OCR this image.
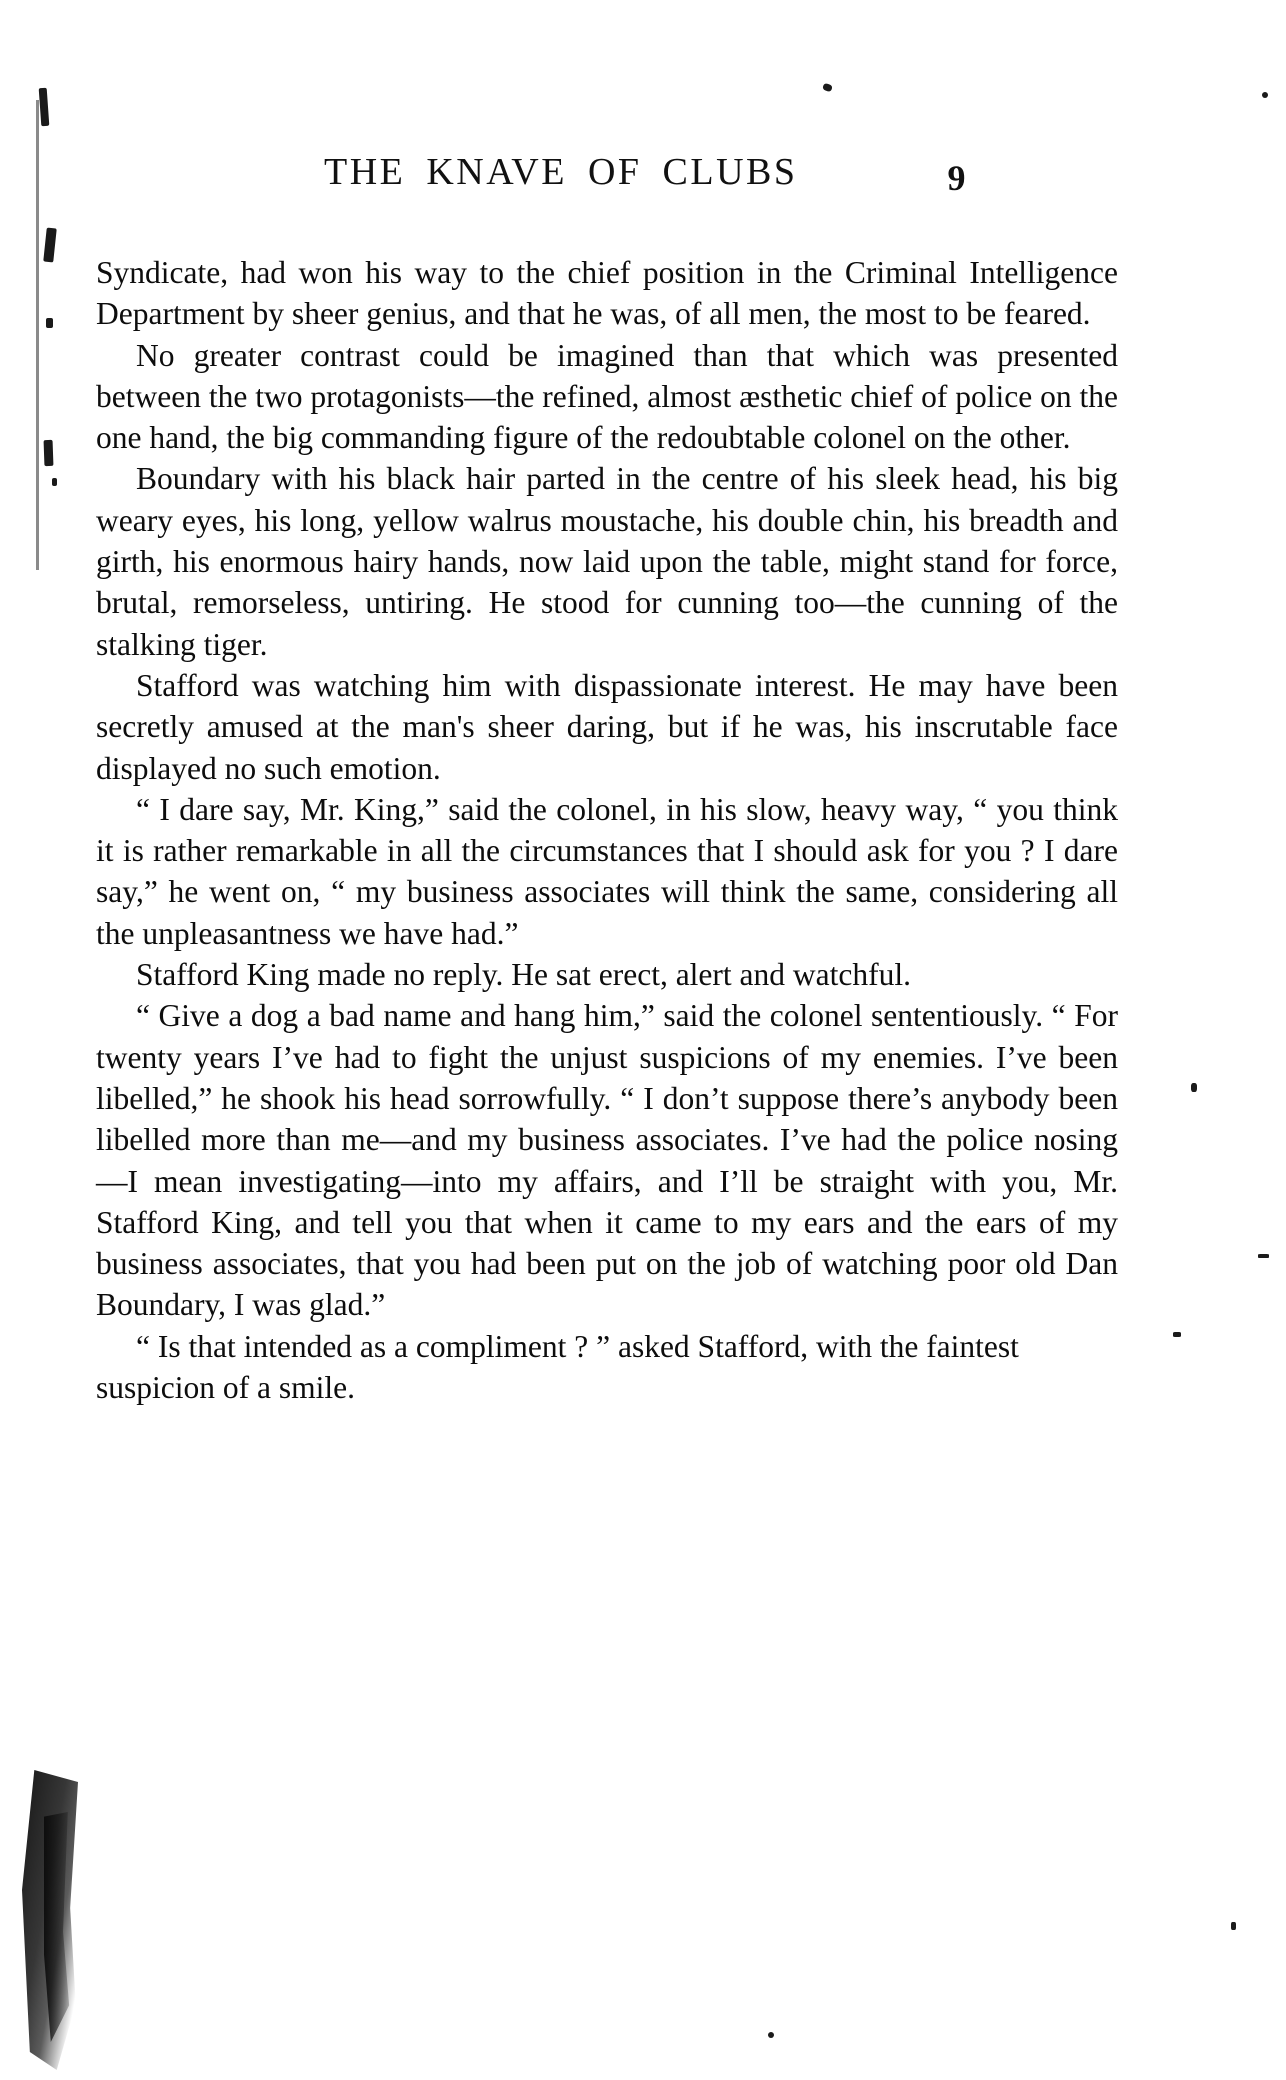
THE KNAVE OF CLUBS	9

Syndicate, had won his way to the chief position in the Criminal Intelligence Department by sheer genius, and that he was, of all men, the most to be feared.

No greater contrast could be imagined than that which was presented between the two protagonists—the refined, almost æsthetic chief of police on the one hand, the big commanding figure of the redoubtable colonel on the other.

Boundary with his black hair parted in the centre of his sleek head, his big weary eyes, his long, yellow walrus moustache, his double chin, his breadth and girth, his enormous hairy hands, now laid upon the table, might stand for force, brutal, remorseless, untiring. He stood for cunning too—the cunning of the stalking tiger.

Stafford was watching him with dispassionate interest. He may have been secretly amused at the man's sheer daring, but if he was, his inscrutable face displayed no such emotion.

“ I dare say, Mr. King,” said the colonel, in his slow, heavy way, “ you think it is rather remarkable in all the circumstances that I should ask for you ? I dare say,” he went on, “ my business associates will think the same, considering all the unpleasantness we have had.”

Stafford King made no reply. He sat erect, alert and watchful.

“ Give a dog a bad name and hang him,” said the colonel sententiously. “ For twenty years I’ve had to fight the unjust suspicions of my enemies. I’ve been libelled,” he shook his head sorrowfully. “ I don’t suppose there’s anybody been libelled more than me—and my business associates. I’ve had the police nosing—I mean investigating—into my affairs, and I’ll be straight with you, Mr. Stafford King, and tell you that when it came to my ears and the ears of my business associates, that you had been put on the job of watching poor old Dan Boundary, I was glad.”

“ Is that intended as a compliment ? ” asked Stafford, with the faintest suspicion of a smile.
